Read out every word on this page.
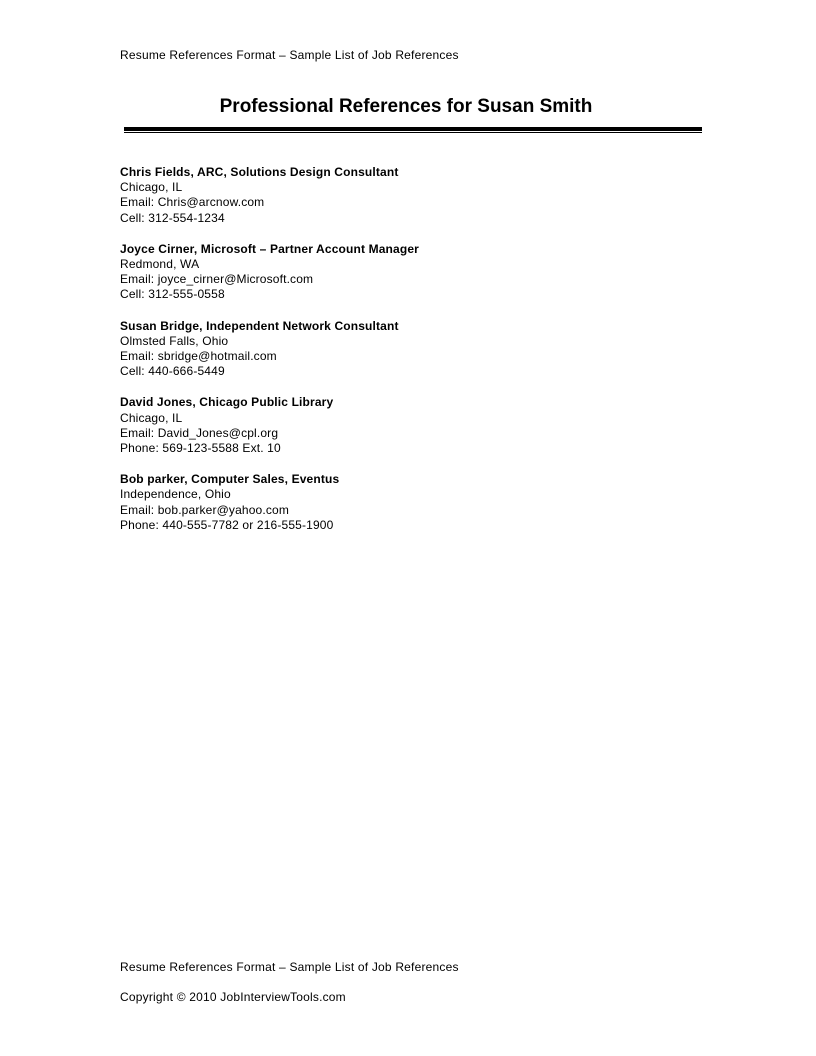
Resume References Format – Sample List of Job References
Professional References for Susan Smith
Chris Fields, ARC, Solutions Design Consultant
Chicago, IL
Email: Chris@arcnow.com
Cell: 312-554-1234
Joyce Cirner, Microsoft – Partner Account Manager
Redmond, WA
Email: joyce_cirner@Microsoft.com
Cell: 312-555-0558
Susan Bridge, Independent Network Consultant
Olmsted Falls, Ohio
Email: sbridge@hotmail.com
Cell: 440-666-5449
David Jones, Chicago Public Library
Chicago, IL
Email: David_Jones@cpl.org
Phone: 569-123-5588 Ext. 10
Bob parker, Computer Sales, Eventus
Independence, Ohio
Email: bob.parker@yahoo.com
Phone: 440-555-7782 or 216-555-1900
Resume References Format – Sample List of Job References
Copyright © 2010 JobInterviewTools.com
